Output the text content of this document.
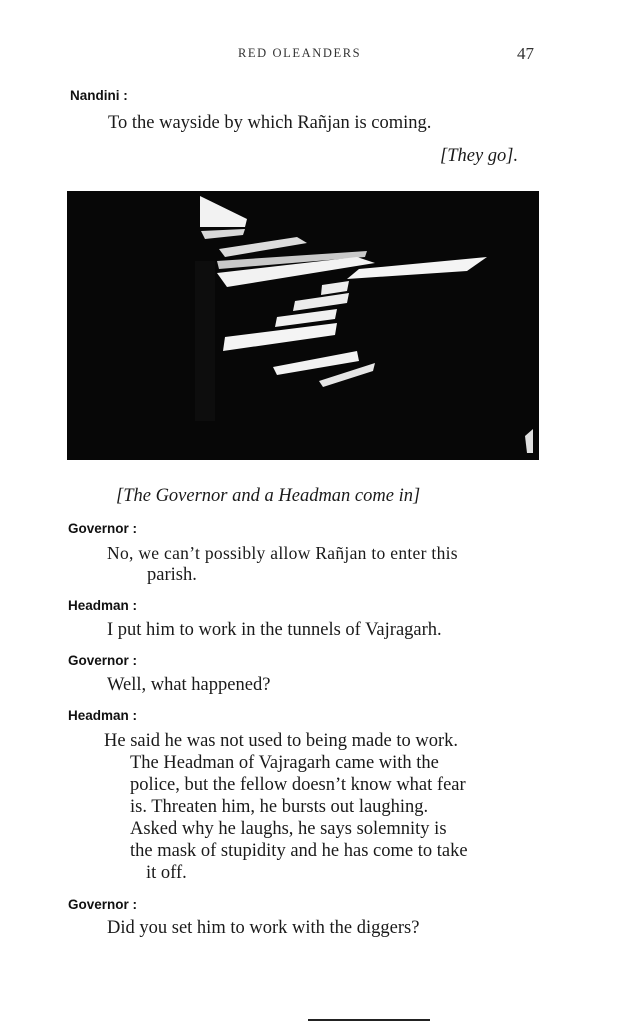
RED OLEANDERS	47
Nandini :
To the wayside by which Rañjan is coming.
[They go].
[The Governor and a Headman come in]
Governor :
No, we can’t possibly allow Rañjan to enter this
parish.
Headman :
I put him to work in the tunnels of Vajragarh.
Governor :
Well, what happened?
Headman :
He said he was not used to being made to work.
The Headman of Vajragarh came with the
police, but the fellow doesn’t know what fear
is. Threaten him, he bursts out laughing.
Asked why he laughs, he says solemnity is
the mask of stupidity and he has come to take
it off.
Governor :
Did you set him to work with the diggers?
